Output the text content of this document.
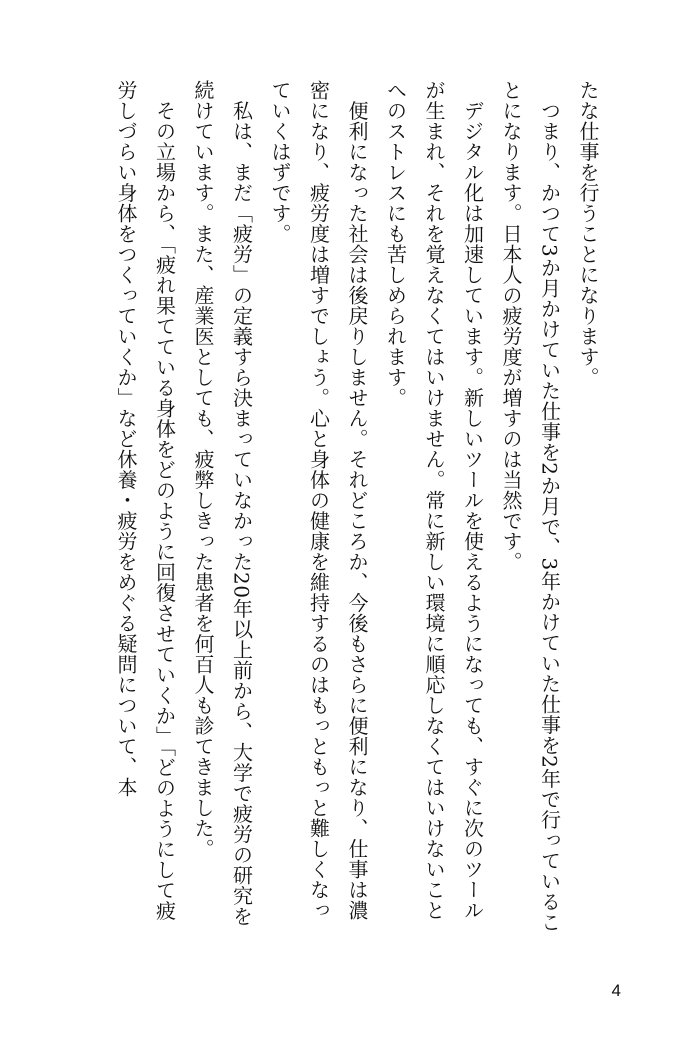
たな仕事を行うことになります。
　つまり、かつて3か月かけていた仕事を2か月で、3年かけていた仕事を2年で行っていることになります。日本人の疲労度が増すのは当然です。
　デジタル化は加速しています。新しいツールを使えるようになっても、すぐに次のツールが生まれ、それを覚えなくてはいけません。常に新しい環境に順応しなくてはいけないことへのストレスにも苦しめられます。
　便利になった社会は後戻りしません。それどころか、今後もさらに便利になり、仕事は濃密になり、疲労度は増すでしょう。心と身体の健康を維持するのはもっともっと難しくなっていくはずです。
　私は、まだ「疲労」の定義すら決まっていなかった20年以上前から、大学で疲労の研究を続けています。また、産業医としても、疲弊しきった患者を何百人も診てきました。
　その立場から、「疲れ果てている身体をどのように回復させていくか」「どのようにして疲労しづらい身体をつくっていくか」など休養・疲労をめぐる疑問について、本
4
